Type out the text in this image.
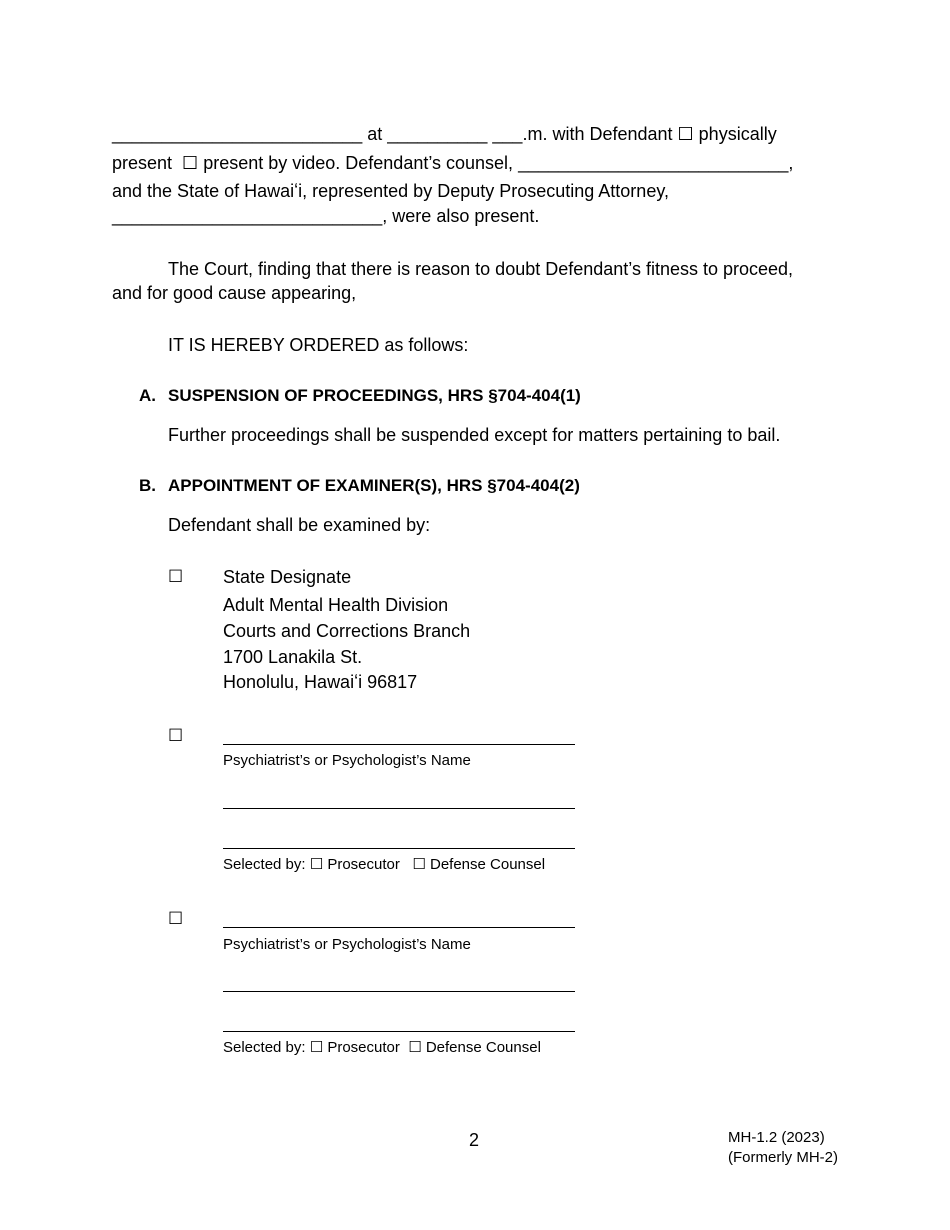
_________________________ at __________ ___.m. with Defendant ☐ physically
present  ☐ present by video. Defendant’s counsel, ___________________________,
and the State of Hawaiʻi, represented by Deputy Prosecuting Attorney,
___________________________, were also present.
The Court, finding that there is reason to doubt Defendant’s fitness to proceed,
and for good cause appearing,
IT IS HEREBY ORDERED as follows:
A. SUSPENSION OF PROCEEDINGS, HRS §704-404(1)
Further proceedings shall be suspended except for matters pertaining to bail.
B. APPOINTMENT OF EXAMINER(S), HRS §704-404(2)
Defendant shall be examined by:
☐ State Designate
Adult Mental Health Division
Courts and Corrections Branch
1700 Lanakila St.
Honolulu, Hawaiʻi 96817
☐
Psychiatrist’s or Psychologist’s Name
Selected by: ☐ Prosecutor   ☐ Defense Counsel
☐
Psychiatrist’s or Psychologist’s Name
Selected by: ☐ Prosecutor  ☐ Defense Counsel
2	MH-1.2 (2023)
(Formerly MH-2)
